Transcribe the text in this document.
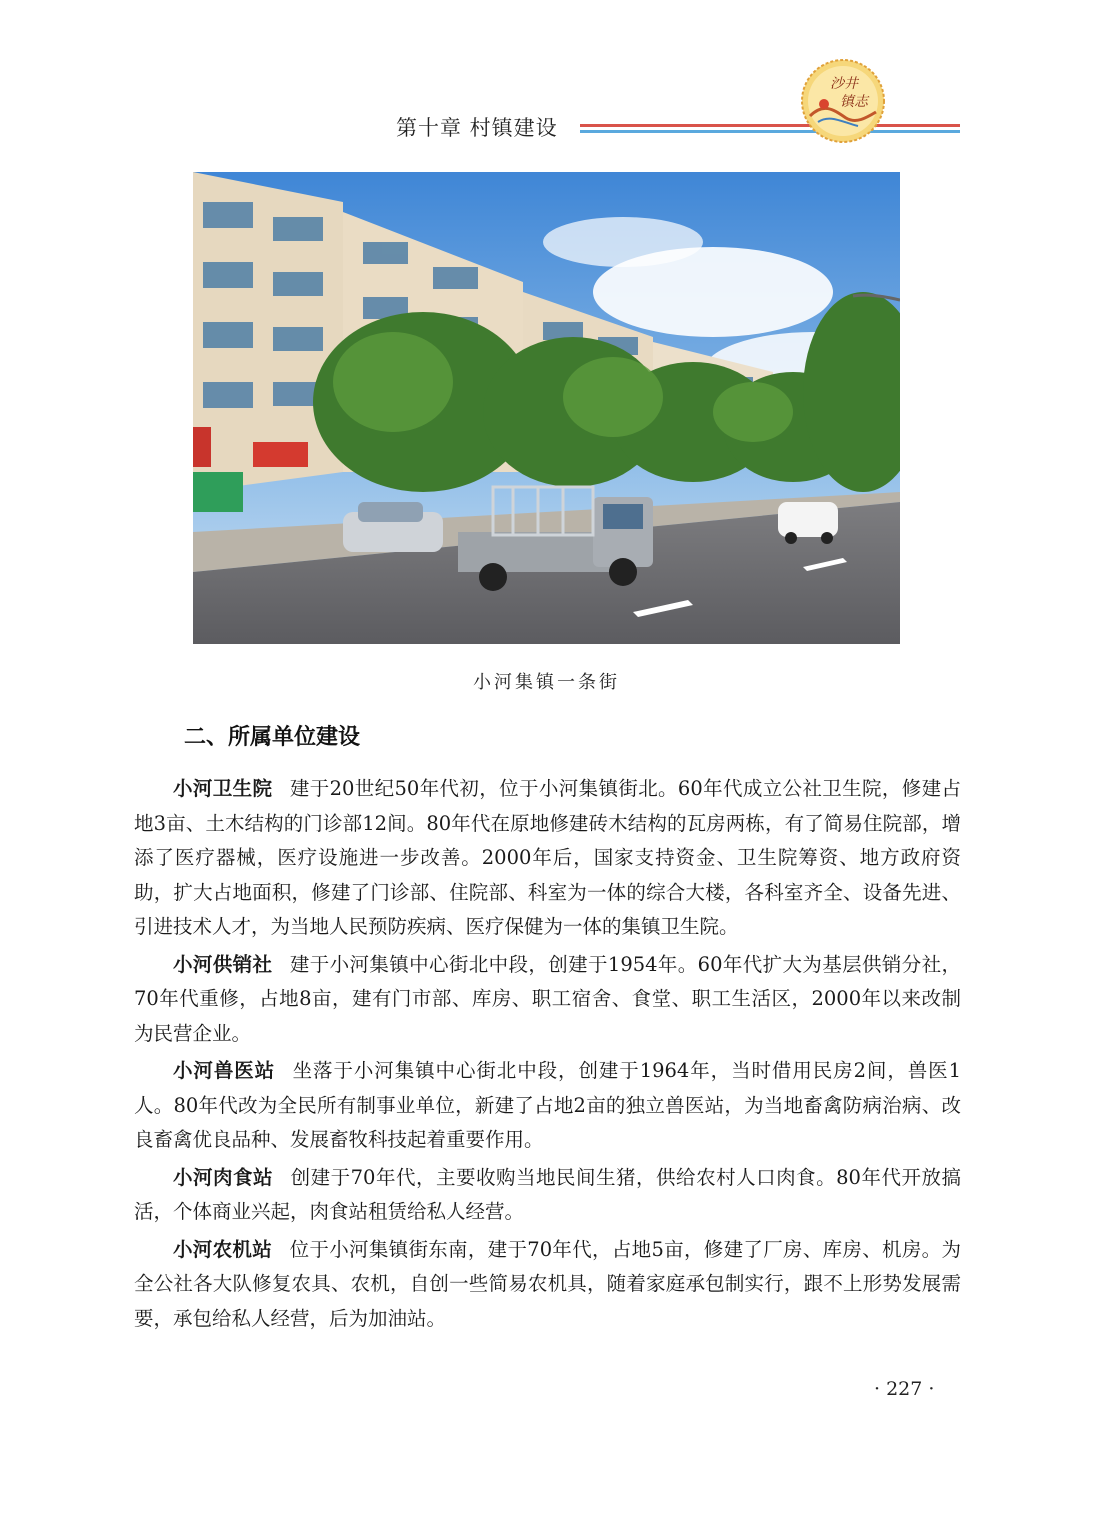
第十章 村镇建设
沙井
镇志
小河集镇一条街
二、所属单位建设

小河卫生院 建于20世纪50年代初，位于小河集镇街北。60年代成立公社卫生院，修建占地3亩、土木结构的门诊部12间。80年代在原地修建砖木结构的瓦房两栋，有了简易住院部，增添了医疗器械，医疗设施进一步改善。2000年后，国家支持资金、卫生院筹资、地方政府资助，扩大占地面积，修建了门诊部、住院部、科室为一体的综合大楼，各科室齐全、设备先进、引进技术人才，为当地人民预防疾病、医疗保健为一体的集镇卫生院。

小河供销社 建于小河集镇中心街北中段，创建于1954年。60年代扩大为基层供销分社，70年代重修，占地8亩，建有门市部、库房、职工宿舍、食堂、职工生活区，2000年以来改制为民营企业。

小河兽医站 坐落于小河集镇中心街北中段，创建于1964年，当时借用民房2间，兽医1人。80年代改为全民所有制事业单位，新建了占地2亩的独立兽医站，为当地畜禽防病治病、改良畜禽优良品种、发展畜牧科技起着重要作用。

小河肉食站 创建于70年代，主要收购当地民间生猪，供给农村人口肉食。80年代开放搞活，个体商业兴起，肉食站租赁给私人经营。

小河农机站 位于小河集镇街东南，建于70年代，占地5亩，修建了厂房、库房、机房。为全公社各大队修复农具、农机，自创一些简易农机具，随着家庭承包制实行，跟不上形势发展需要，承包给私人经营，后为加油站。

· 227 ·
